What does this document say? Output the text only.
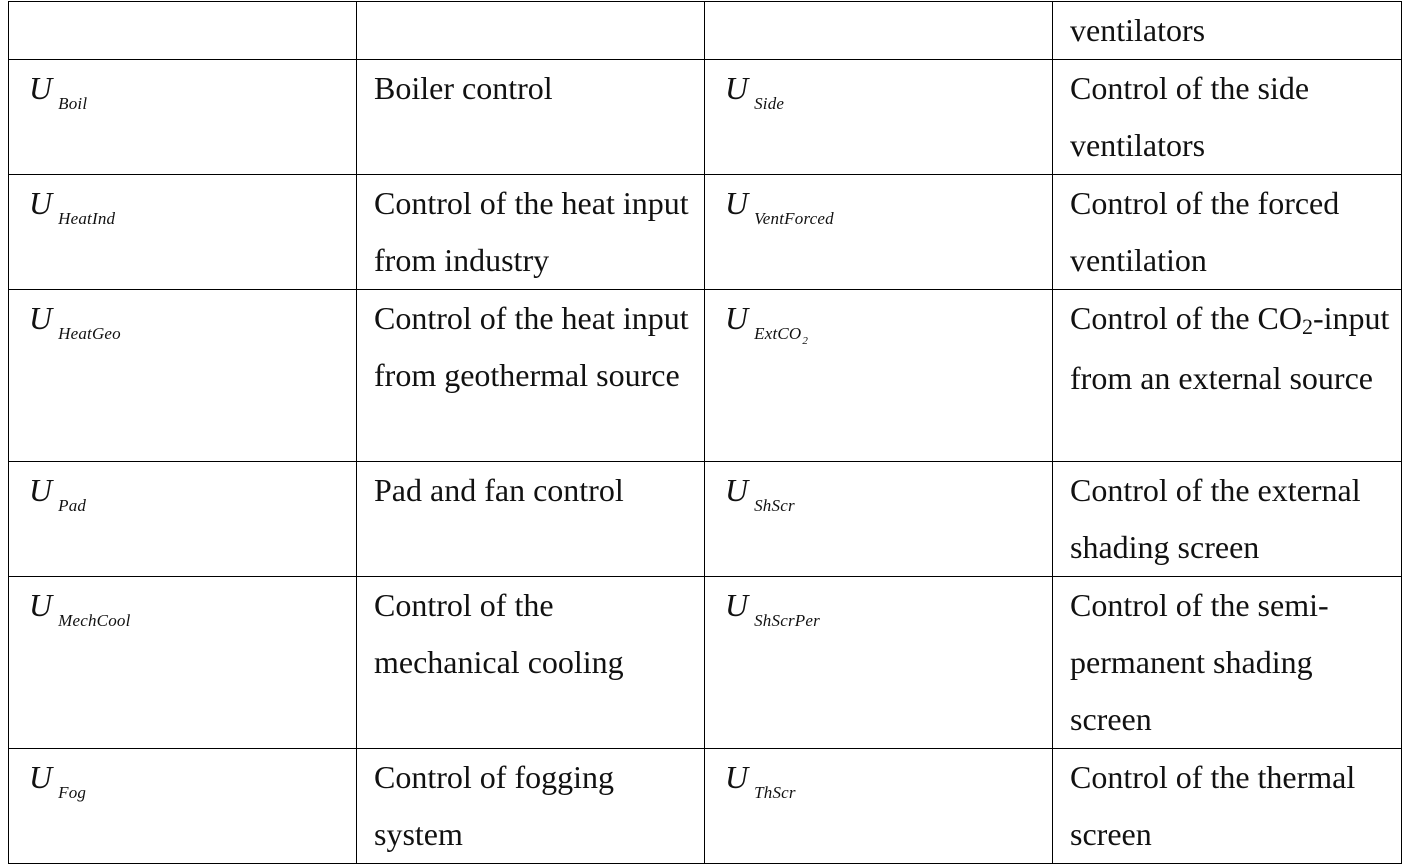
			ventilators
U $_{Boil}$	Boiler control	U $_{Side}$	Control of the side ventilators
U $_{HeatInd}$	Control of the heat input from industry	U $_{VentForced}$	Control of the forced ventilation
U $_{HeatGeo}$	Control of the heat input from geothermal source	U $_{ExtCO_2}$	Control of the CO2-input from an external source
U $_{Pad}$	Pad and fan control	U $_{ShScr}$	Control of the external shading screen
U $_{MechCool}$	Control of the mechanical cooling	U $_{ShScrPer}$	Control of the semi-permanent shading screen
U $_{Fog}$	Control of fogging system	U $_{ThScr}$	Control of the thermal screen
